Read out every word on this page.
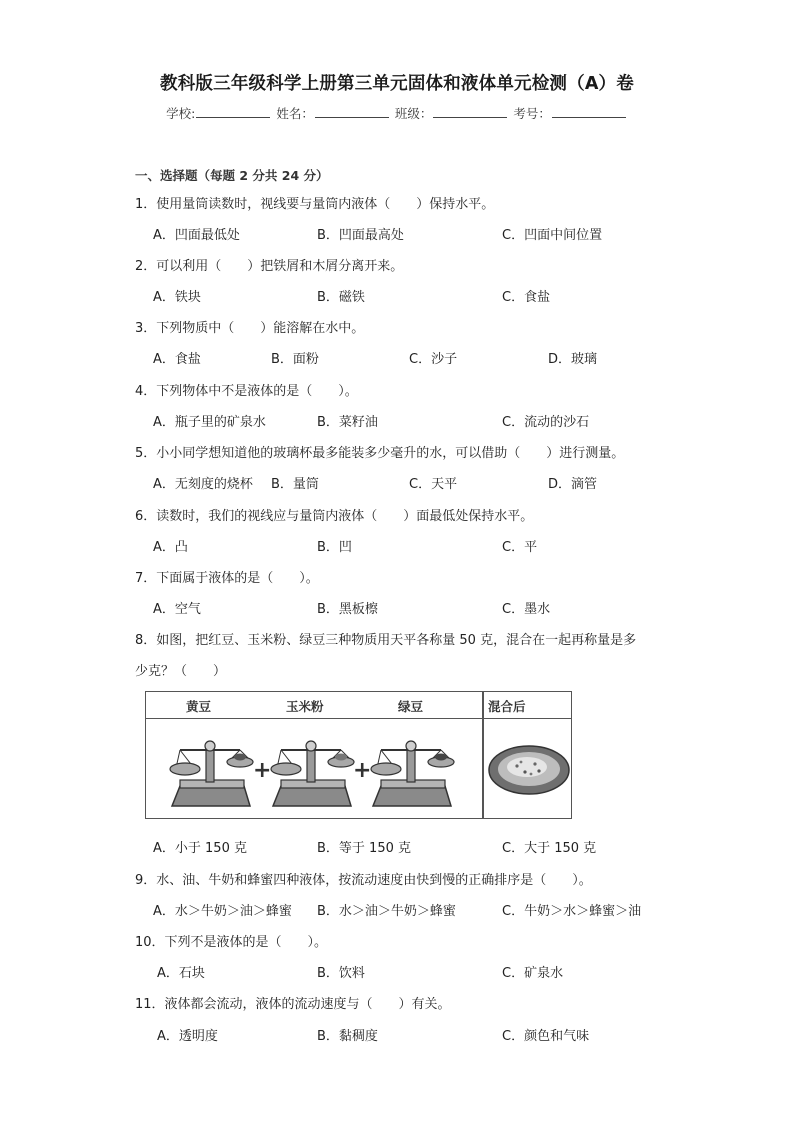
教科版三年级科学上册第三单元固体和液体单元检测（A）卷
学校:	姓名：	班级：	考号：
一、选择题（每题 2 分共 24 分）
1．使用量筒读数时，视线要与量筒内液体（　　）保持水平。
A．凹面最低处	B．凹面最高处	C．凹面中间位置
2．可以利用（　　）把铁屑和木屑分离开来。
A．铁块	B．磁铁	C．食盐
3．下列物质中（　　）能溶解在水中。
A．食盐	B．面粉	C．沙子	D．玻璃
4．下列物体中不是液体的是（　　）。
A．瓶子里的矿泉水	B．菜籽油	C．流动的沙石
5．小小同学想知道他的玻璃杯最多能装多少毫升的水，可以借助（　　）进行测量。
A．无刻度的烧杯 B．量筒	C．天平	D．滴管
6．读数时，我们的视线应与量筒内液体（　　）面最低处保持水平。
A．凸	B．凹	C．平
7．下面属于液体的是（　　）。
A．空气	B．黑板檫	C．墨水
8．如图，把红豆、玉米粉、绿豆三种物质用天平各称量 50 克，混合在一起再称量是多
少克？（　　）
黄豆	玉米粉	绿豆	混合后
+	+
A．小于 150 克	B．等于 150 克	C．大于 150 克
9．水、油、牛奶和蜂蜜四种液体，按流动速度由快到慢的正确排序是（　　）。
A．水＞牛奶＞油＞蜂蜜 B．水＞油＞牛奶＞蜂蜜	C．牛奶＞水＞蜂蜜＞油
10．下列不是液体的是（　　）。
A．石块	B．饮料	C．矿泉水
11．液体都会流动，液体的流动速度与（　　）有关。
A．透明度	B．黏稠度	C．颜色和气味
